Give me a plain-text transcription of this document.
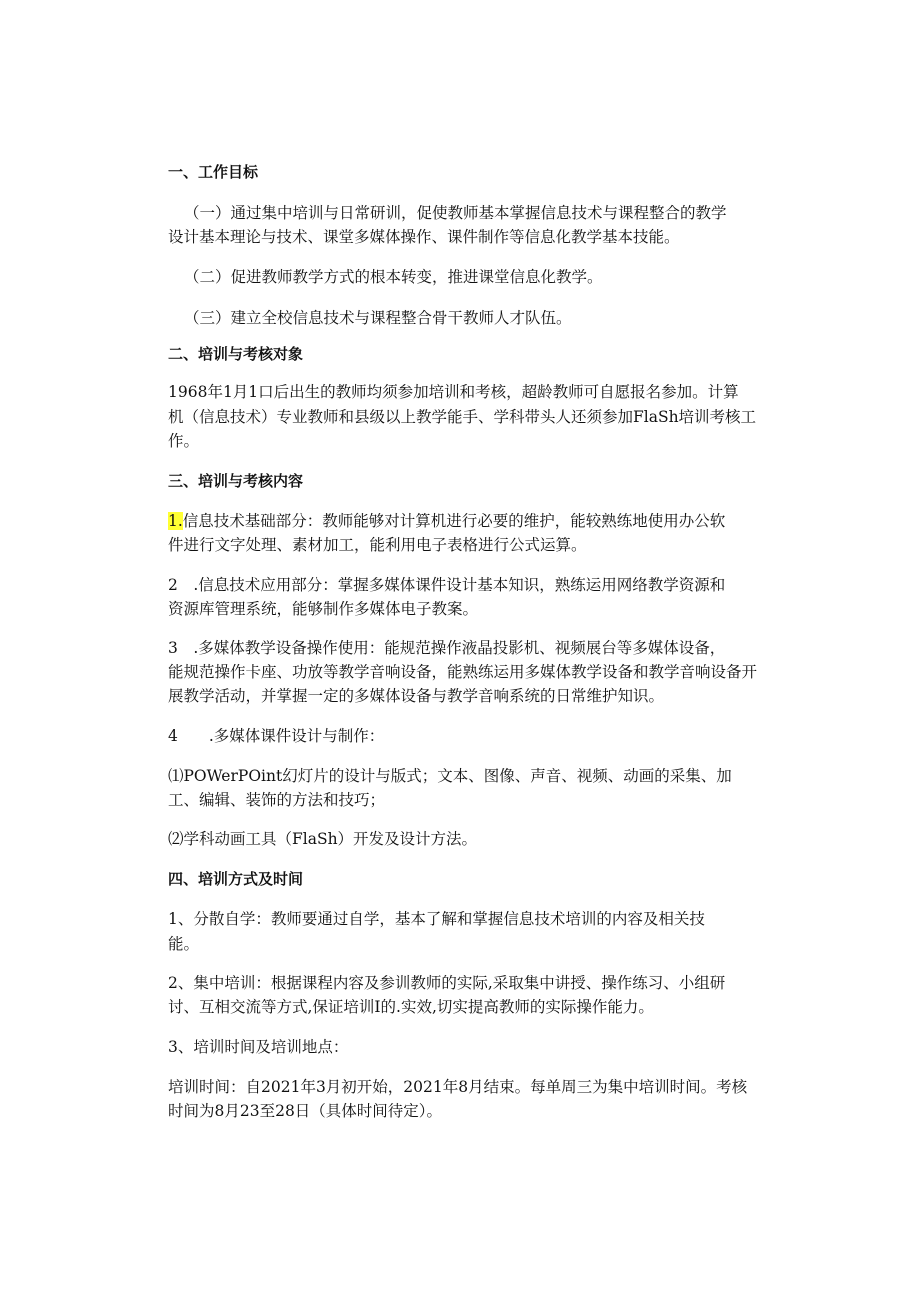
一、工作目标
（一）通过集中培训与日常研训，促使教师基本掌握信息技术与课程整合的教学
设计基本理论与技术、课堂多媒体操作、课件制作等信息化教学基本技能。
（二）促进教师教学方式的根本转变，推进课堂信息化教学。
（三）建立全校信息技术与课程整合骨干教师人才队伍。
二、培训与考核对象
1968年1月1口后出生的教师均须参加培训和考核，超龄教师可自愿报名参加。计算
机（信息技术）专业教师和县级以上教学能手、学科带头人还须参加FlaSh培训考核工
作。
三、培训与考核内容
1.信息技术基础部分：教师能够对计算机进行必要的维护，能较熟练地使用办公软
件进行文字处理、素材加工，能利用电子表格进行公式运算。
2　.信息技术应用部分：掌握多媒体课件设计基本知识，熟练运用网络教学资源和
资源库管理系统，能够制作多媒体电子教案。
3　.多媒体教学设备操作使用：能规范操作液晶投影机、视频展台等多媒体设备，
能规范操作卡座、功放等教学音响设备，能熟练运用多媒体教学设备和教学音响设备开
展教学活动，并掌握一定的多媒体设备与教学音响系统的日常维护知识。
4　　.多媒体课件设计与制作：
⑴POWerPOint幻灯片的设计与版式；文本、图像、声音、视频、动画的采集、加
工、编辑、装饰的方法和技巧；
⑵学科动画工具（FlaSh）开发及设计方法。
四、培训方式及时间
1、分散自学：教师要通过自学，基本了解和掌握信息技术培训的内容及相关技
能。
2、集中培训：根据课程内容及参训教师的实际,采取集中讲授、操作练习、小组研
讨、互相交流等方式,保证培训I的.实效,切实提高教师的实际操作能力。
3、培训时间及培训地点：
培训时间：自2021年3月初开始，2021年8月结束。每单周三为集中培训时间。考核
时间为8月23至28日（具体时间待定）。
